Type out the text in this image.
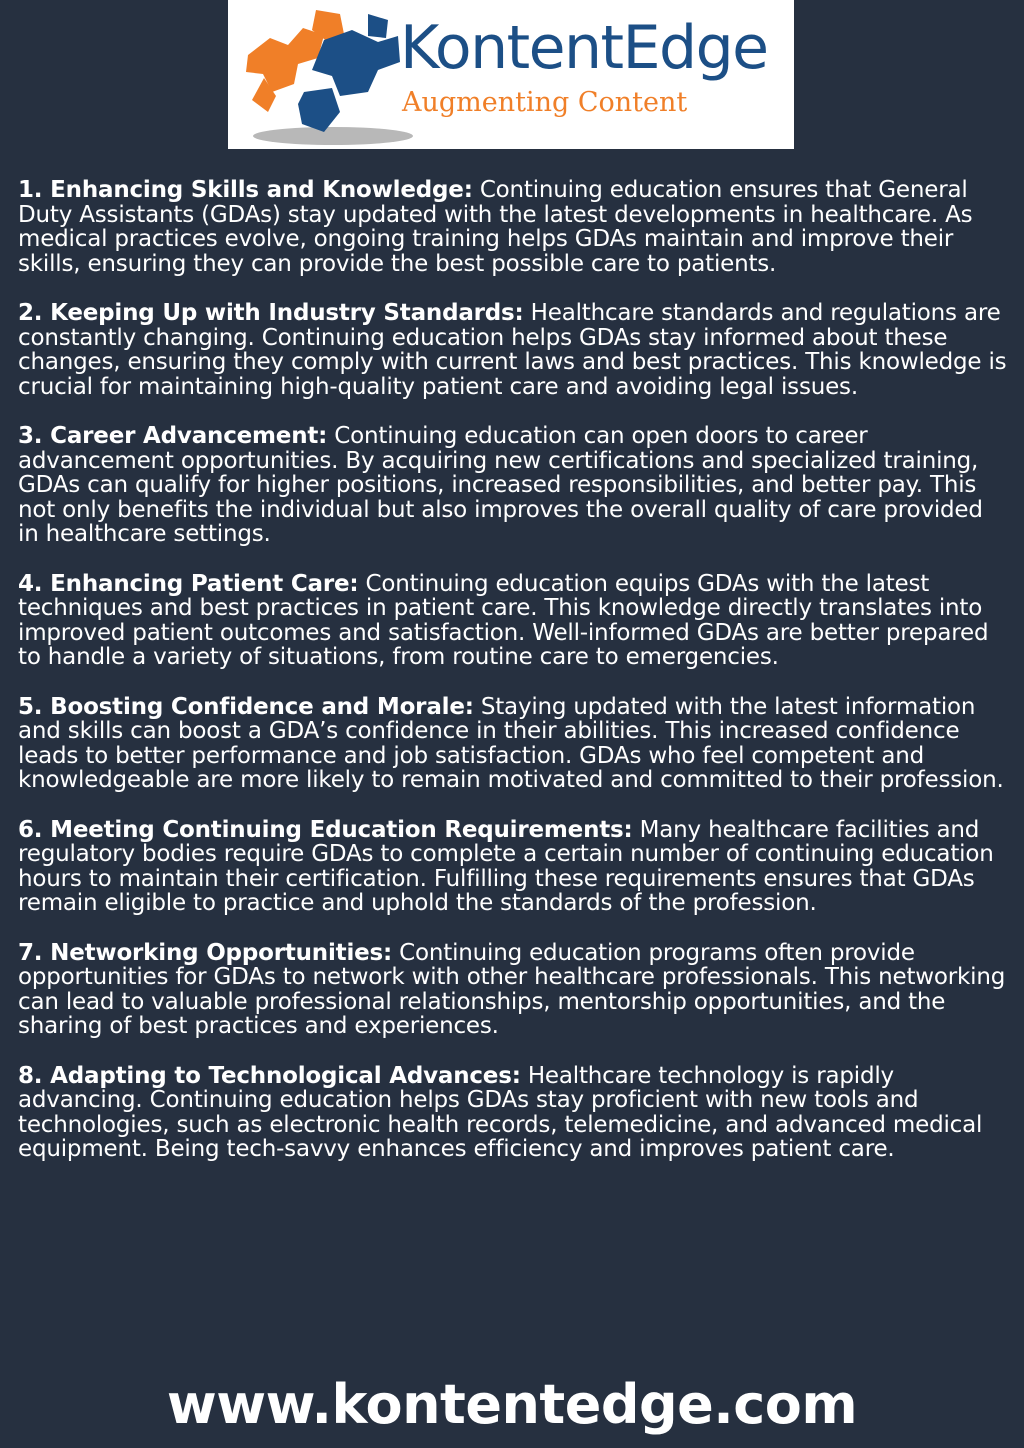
KontentEdge
Augmenting Content

1. Enhancing Skills and Knowledge: Continuing education ensures that General Duty Assistants (GDAs) stay updated with the latest developments in healthcare. As medical practices evolve, ongoing training helps GDAs maintain and improve their skills, ensuring they can provide the best possible care to patients.

2. Keeping Up with Industry Standards: Healthcare standards and regulations are constantly changing. Continuing education helps GDAs stay informed about these changes, ensuring they comply with current laws and best practices. This knowledge is crucial for maintaining high-quality patient care and avoiding legal issues.

3. Career Advancement: Continuing education can open doors to career advancement opportunities. By acquiring new certifications and specialized training, GDAs can qualify for higher positions, increased responsibilities, and better pay. This not only benefits the individual but also improves the overall quality of care provided in healthcare settings.

4. Enhancing Patient Care: Continuing education equips GDAs with the latest techniques and best practices in patient care. This knowledge directly translates into improved patient outcomes and satisfaction. Well-informed GDAs are better prepared to handle a variety of situations, from routine care to emergencies.

5. Boosting Confidence and Morale: Staying updated with the latest information and skills can boost a GDA’s confidence in their abilities. This increased confidence leads to better performance and job satisfaction. GDAs who feel competent and knowledgeable are more likely to remain motivated and committed to their profession.

6. Meeting Continuing Education Requirements: Many healthcare facilities and regulatory bodies require GDAs to complete a certain number of continuing education hours to maintain their certification. Fulfilling these requirements ensures that GDAs remain eligible to practice and uphold the standards of the profession.

7. Networking Opportunities: Continuing education programs often provide opportunities for GDAs to network with other healthcare professionals. This networking can lead to valuable professional relationships, mentorship opportunities, and the sharing of best practices and experiences.

8. Adapting to Technological Advances: Healthcare technology is rapidly advancing. Continuing education helps GDAs stay proficient with new tools and technologies, such as electronic health records, telemedicine, and advanced medical equipment. Being tech-savvy enhances efficiency and improves patient care.

www.kontentedge.com
